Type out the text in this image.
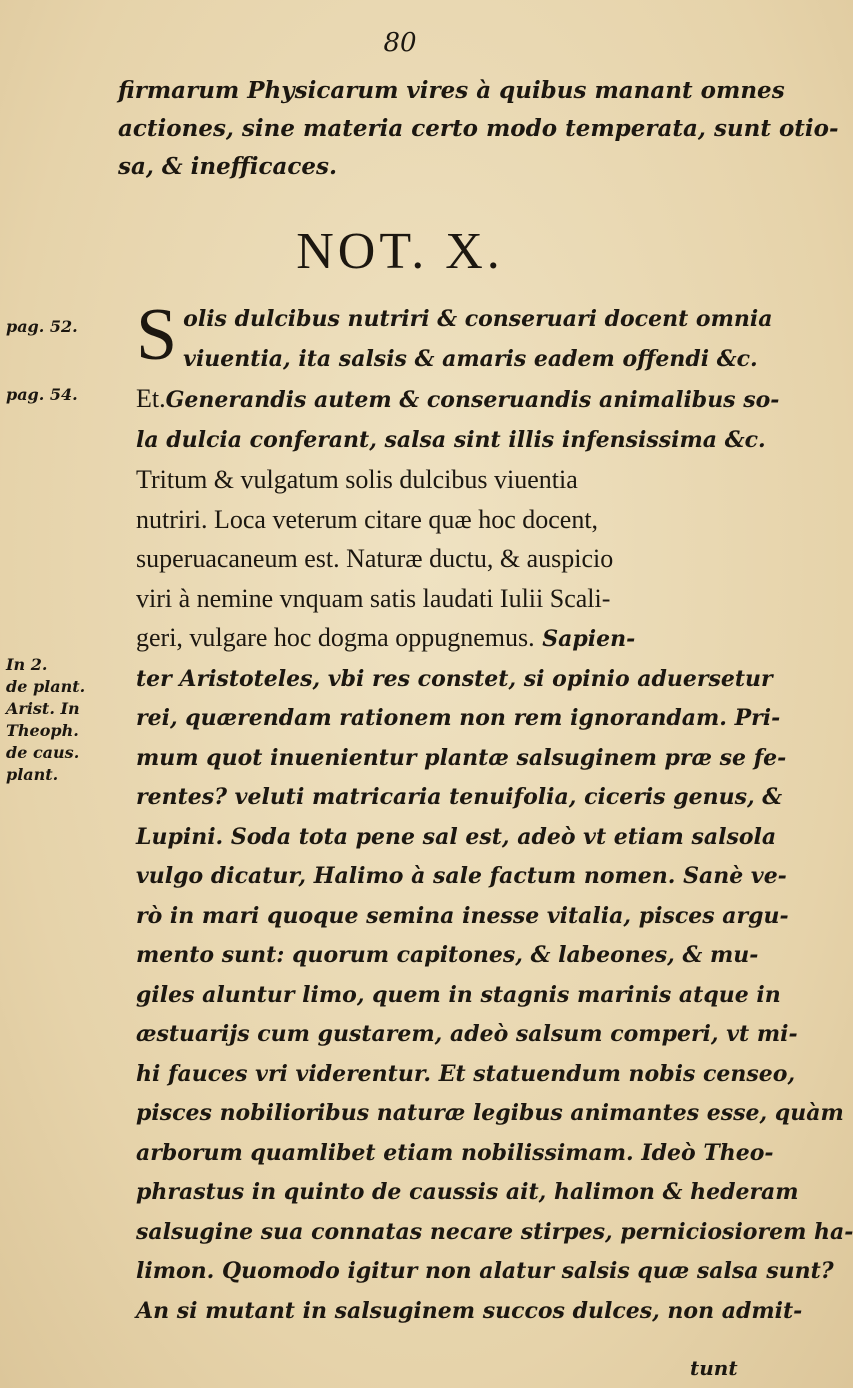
80
firmarum Physicarum vires à quibus manant omnes
actiones, sine materia certo modo temperata, sunt otio-
sa, & inefficaces.
NOT. X.
pag. 52.
pag. 54.
In 2.
de plant.
Arist. In
Theoph.
de caus.
plant.
S olis dulcibus nutriri & conseruari docent omnia
viuentia, ita salsis & amaris eadem offendi &c.
Et.Generandis autem & conseruandis animalibus so-
la dulcia conferant, salsa sint illis infensissima &c.
Tritum & vulgatum solis dulcibus viuentia
nutriri. Loca veterum citare quæ hoc docent,
superuacaneum est. Naturæ ductu, & auspicio
viri à nemine vnquam satis laudati Iulii Scali-
geri, vulgare hoc dogma oppugnemus. Sapien-
ter Aristoteles, vbi res constet, si opinio aduersetur
rei, quærendam rationem non rem ignorandam. Pri-
mum quot inuenientur plantæ salsuginem præ se fe-
rentes? veluti matricaria tenuifolia, ciceris genus, &
Lupini. Soda tota pene sal est, adeò vt etiam salsola
vulgo dicatur, Halimo à sale factum nomen. Sanè ve-
rò in mari quoque semina inesse vitalia, pisces argu-
mento sunt: quorum capitones, & labeones, & mu-
giles aluntur limo, quem in stagnis marinis atque in
æstuarijs cum gustarem, adeò salsum comperi, vt mi-
hi fauces vri viderentur. Et statuendum nobis censeo,
pisces nobilioribus naturæ legibus animantes esse, quàm
arborum quamlibet etiam nobilissimam. Ideò Theo-
phrastus in quinto de caussis ait, halimon & hederam
salsugine sua connatas necare stirpes, perniciosiorem ha-
limon. Quomodo igitur non alatur salsis quæ salsa sunt?
An si mutant in salsuginem succos dulces, non admit-
tunt
